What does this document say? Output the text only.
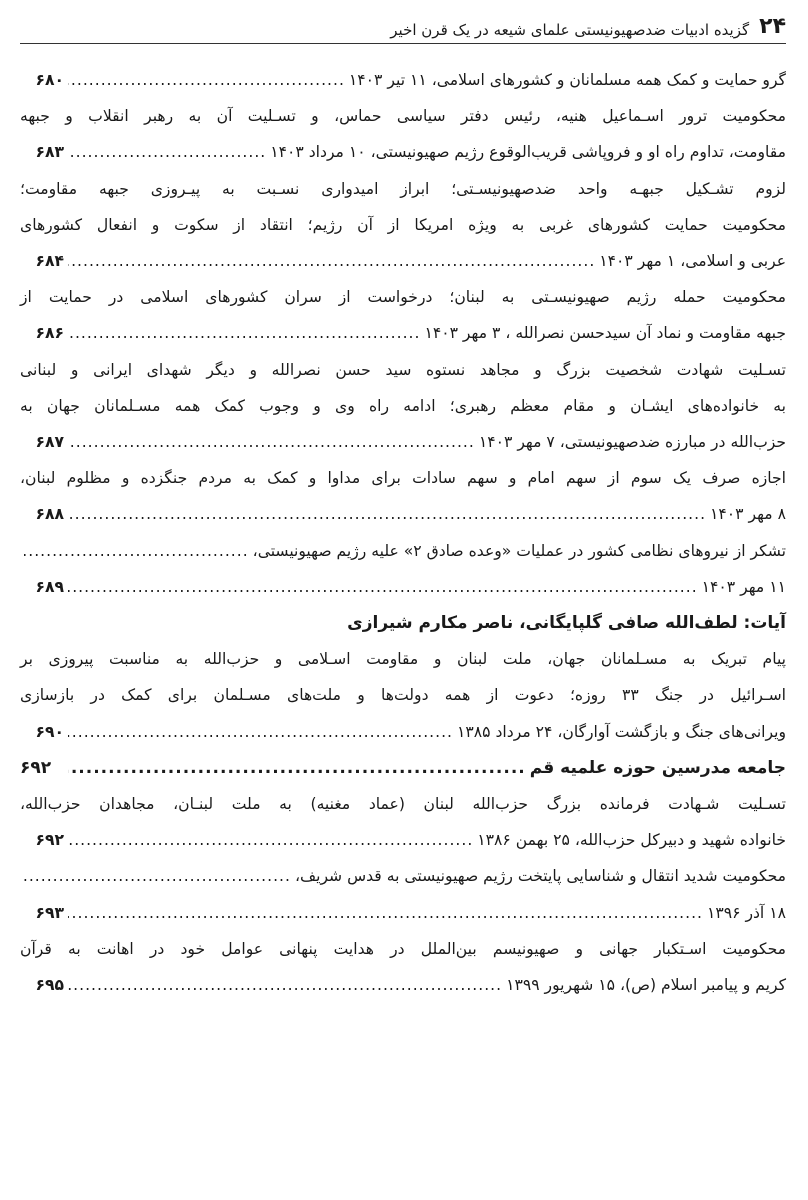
۲۴
گزیده ادبیات ضدصهیونیستی علمای شیعه در یک قرن اخیر
گرو حمایت و کمک همه مسلمانان و کشورهای اسلامی، ۱۱ تیر ۱۴۰۳
.....
۶۸۰
محکومیت ترور اسـماعیل هنیه، رئیس دفتر سیاسی حماس، و تسـلیت آن به رهبر انقلاب و جبهه
مقاومت، تداوم راه او و فروپاشی قریب‌الوقوع رژیم صهیونیستی، ۱۰ مرداد ۱۴۰۳
.....
۶۸۳
لزوم تشـکیل جبهـه واحد ضدصهیونیسـتی؛ ابراز امیدواری نسـبت به پیـروزی جبهه مقاومت؛
محکومیت حمایت کشورهای غربی به ویژه امریکا از آن رژیم؛ انتقاد از سکوت و انفعال کشورهای
عربی و اسلامی، ۱ مهر ۱۴۰۳
.....
۶۸۴
محکومیت حمله رژیم صهیونیسـتی به لبنان؛ درخواست از سران کشورهای اسلامی در حمایت از
جبهه مقاومت و نماد آن سیدحسن نصرالله ، ۳ مهر ۱۴۰۳
.....
۶۸۶
تسـلیت شهادت شخصیت بزرگ و مجاهد نستوه سید حسن نصرالله و دیگر شهدای ایرانی و لبنانی
به خانواده‌های ایشـان و مقام معظم رهبری؛ ادامه راه وی و وجوب کمک همه مسـلمانان جهان به
حزب‌الله در مبارزه ضدصهیونیستی، ۷ مهر ۱۴۰۳
.....
۶۸۷
اجازه صرف یک سوم از سهم امام و سهم سادات برای مداوا و کمک به مردم جنگزده و مظلوم لبنان،
۸ مهر ۱۴۰۳
.....
۶۸۸
تشکر از نیروهای نظامی کشور در عملیات «وعده صادق ۲» علیه رژیم صهیونیستی،
.....
۱۱ مهر ۱۴۰۳
.....
۶۸۹
آیات: لطف‌الله صافی گلپایگانی، ناصر مکارم شیرازی
پیام تبریک به مسـلمانان جهان، ملت لبنان و مقاومت اسـلامی و حزب‌الله به مناسبت پیروزی بر
اسـرائیل در جنگ ۳۳ روزه؛ دعوت از همه دولت‌ها و ملت‌های مسـلمان برای کمک در بازسازی
ویرانی‌های جنگ و بازگشت آوارگان، ۲۴ مرداد ۱۳۸۵
.....
۶۹۰
جامعه مدرسین حوزه علمیه قم
.....
۶۹۲
تسـلیت شـهادت فرمانده بزرگ حزب‌الله لبنان (عماد مغنیه) به ملت لبنـان، مجاهدان حزب‌الله،
خانواده شهید و دبیرکل حزب‌الله، ۲۵ بهمن ۱۳۸۶
.....
۶۹۲
محکومیت شدید انتقال و شناسایی پایتخت رژیم صهیونیستی به قدس شریف،
.....
۱۸ آذر ۱۳۹۶
.....
۶۹۳
محکومیت اسـتکبار جهانی و صهیونیسم بین‌الملل در هدایت پنهانی عوامل خود در اهانت به قرآن
کریم و پیامبر اسلام (ص)، ۱۵ شهریور ۱۳۹۹
.....
۶۹۵
